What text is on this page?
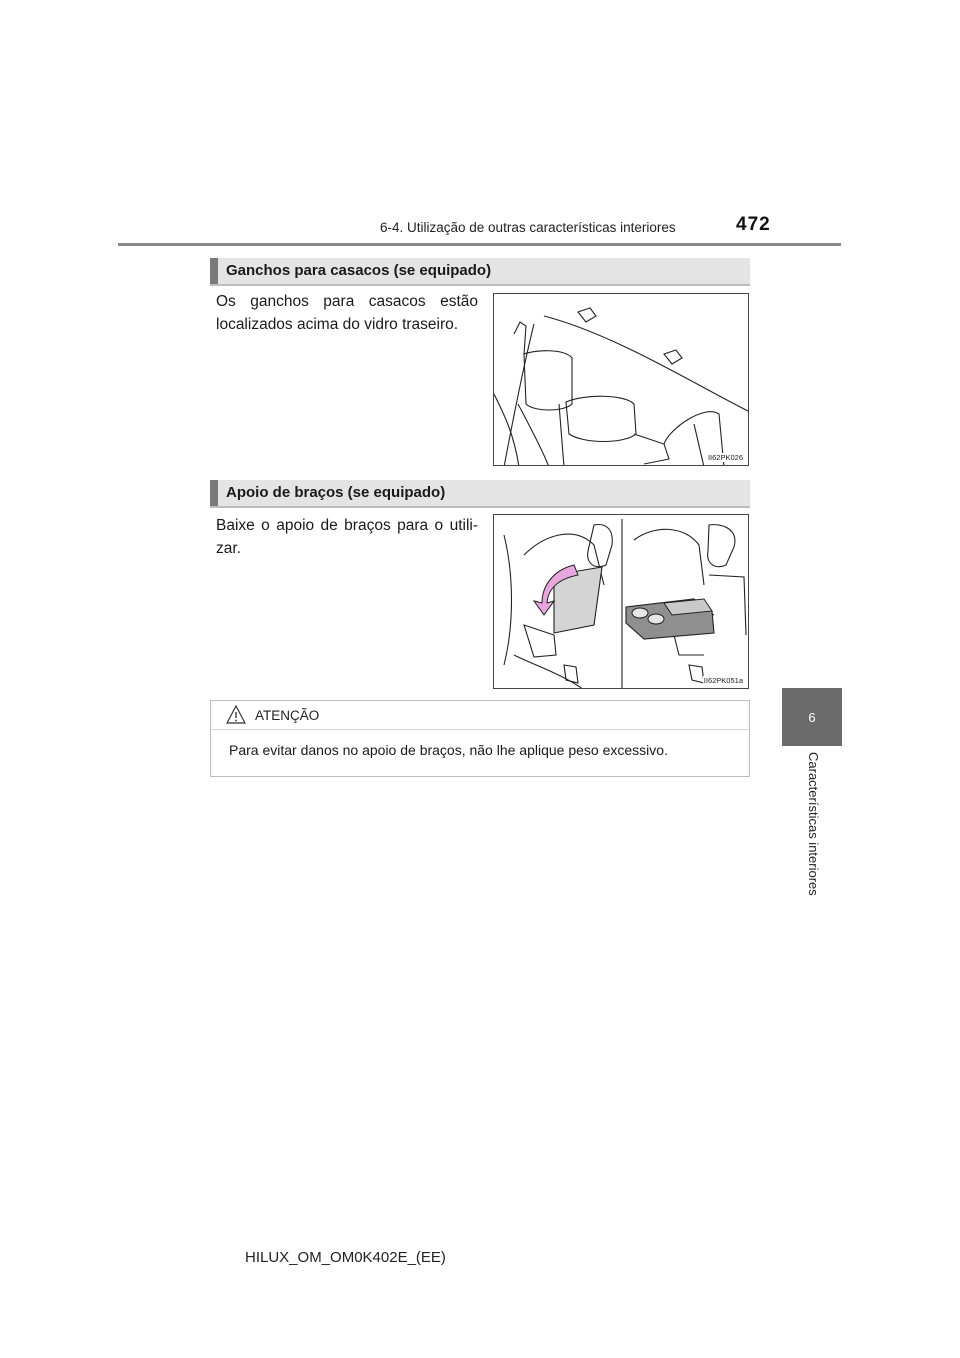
6-4. Utilização de outras características interiores	472
6
Características interiores
Ganchos para casacos (se equipado)
Os ganchos para casacos estão localizados acima do vidro traseiro.
II62PK026
Apoio de braços (se equipado)
Baixe o apoio de braços para o utili-zar.
II62PK051a
ATENÇÃO
Para evitar danos no apoio de braços, não lhe aplique peso excessivo.
HILUX_OM_OM0K402E_(EE)
